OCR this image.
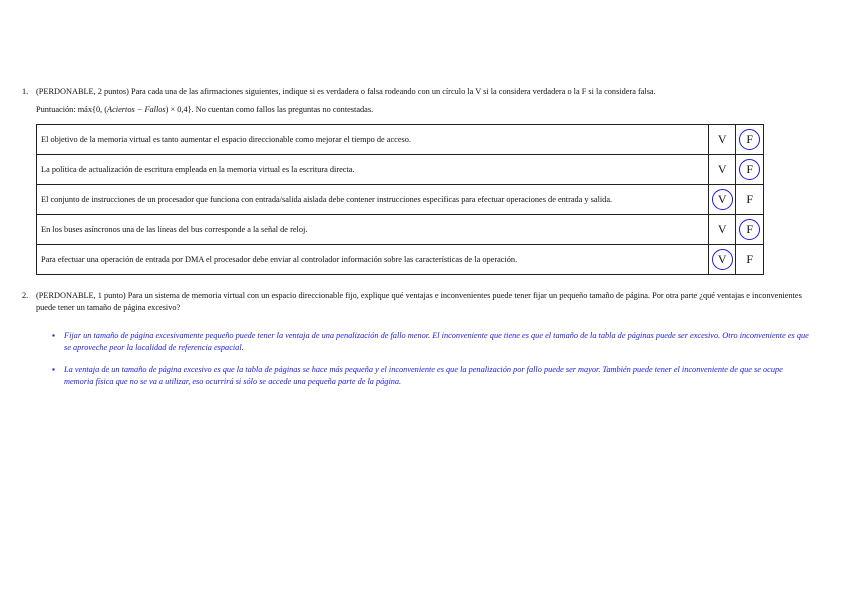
1. (PERDONABLE, 2 puntos) Para cada una de las afirmaciones siguientes, indique si es verdadera o falsa rodeando con un círculo la V si la considera verdadera o la F si la considera falsa.
Puntuación: máx{0, (Aciertos − Fallos) × 0,4}. No cuentan como fallos las preguntas no contestadas.
El objetivo de la memoria virtual es tanto aumentar el espacio direccionable como mejorar el tiempo de acceso.	V	F
La política de actualización de escritura empleada en la memoria virtual es la escritura directa.	V	F
El conjunto de instrucciones de un procesador que funciona con entrada/salida aislada debe contener instrucciones específicas para efectuar operaciones de entrada y salida.	V	F
En los buses asíncronos una de las líneas del bus corresponde a la señal de reloj.	V	F
Para efectuar una operación de entrada por DMA el procesador debe enviar al controlador información sobre las características de la operación.	V	F
2. (PERDONABLE, 1 punto) Para un sistema de memoria virtual con un espacio direccionable fijo, explique qué ventajas e inconvenientes puede tener fijar un pequeño tamaño de página. Por otra parte ¿qué ventajas e inconvenientes puede tener un tamaño de página excesivo?
▪ Fijar un tamaño de página excesivamente pequeño puede tener la ventaja de una penalización de fallo menor. El inconveniente que tiene es que el tamaño de la tabla de páginas puede ser excesivo. Otro inconveniente es que se aproveche peor la localidad de referencia espacial.
▪ La ventaja de un tamaño de página excesivo es que la tabla de páginas se hace más pequeña y el inconveniente es que la penalización por fallo puede ser mayor. También puede tener el inconveniente de que se ocupe memoria física que no se va a utilizar, eso ocurrirá si sólo se accede una pequeña parte de la página.
